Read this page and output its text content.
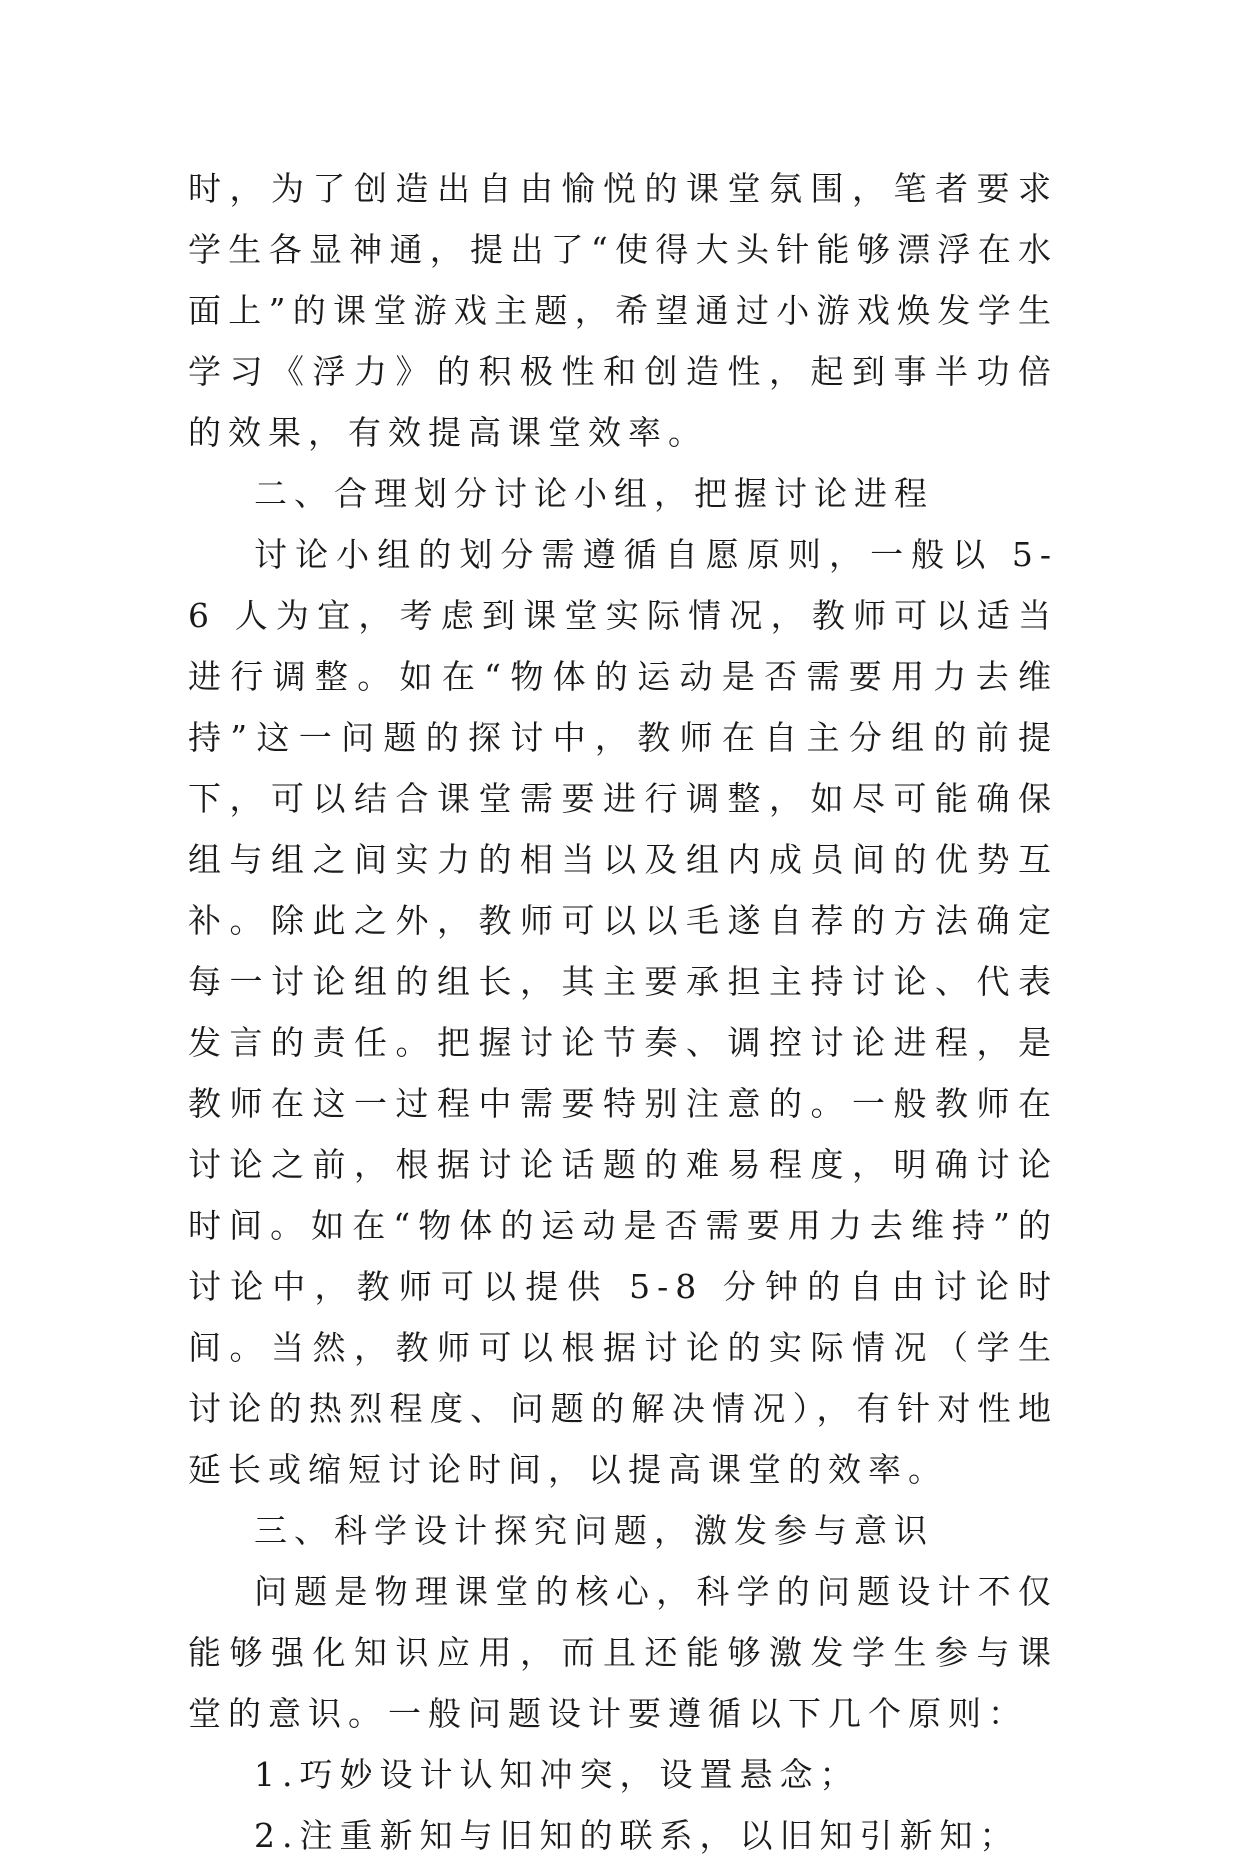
时，为了创造出自由愉悦的课堂氛围，笔者要求学生各显神通，提出了“使得大头针能够漂浮在水面上”的课堂游戏主题，希望通过小游戏焕发学生学习《浮力》的积极性和创造性，起到事半功倍的效果，有效提高课堂效率。

二、合理划分讨论小组，把握讨论进程

讨论小组的划分需遵循自愿原则，一般以 5-6 人为宜，考虑到课堂实际情况，教师可以适当进行调整。如在“物体的运动是否需要用力去维持”这一问题的探讨中，教师在自主分组的前提下，可以结合课堂需要进行调整，如尽可能确保组与组之间实力的相当以及组内成员间的优势互补。除此之外，教师可以以毛遂自荐的方法确定每一讨论组的组长，其主要承担主持讨论、代表发言的责任。把握讨论节奏、调控讨论进程，是教师在这一过程中需要特别注意的。一般教师在讨论之前，根据讨论话题的难易程度，明确讨论时间。如在“物体的运动是否需要用力去维持”的讨论中，教师可以提供 5-8 分钟的自由讨论时间。当然，教师可以根据讨论的实际情况（学生讨论的热烈程度、问题的解决情况），有针对性地延长或缩短讨论时间，以提高课堂的效率。

三、科学设计探究问题，激发参与意识

问题是物理课堂的核心，科学的问题设计不仅能够强化知识应用，而且还能够激发学生参与课堂的意识。一般问题设计要遵循以下几个原则：

1.巧妙设计认知冲突，设置悬念；

2.注重新知与旧知的联系，以旧知引新知；
